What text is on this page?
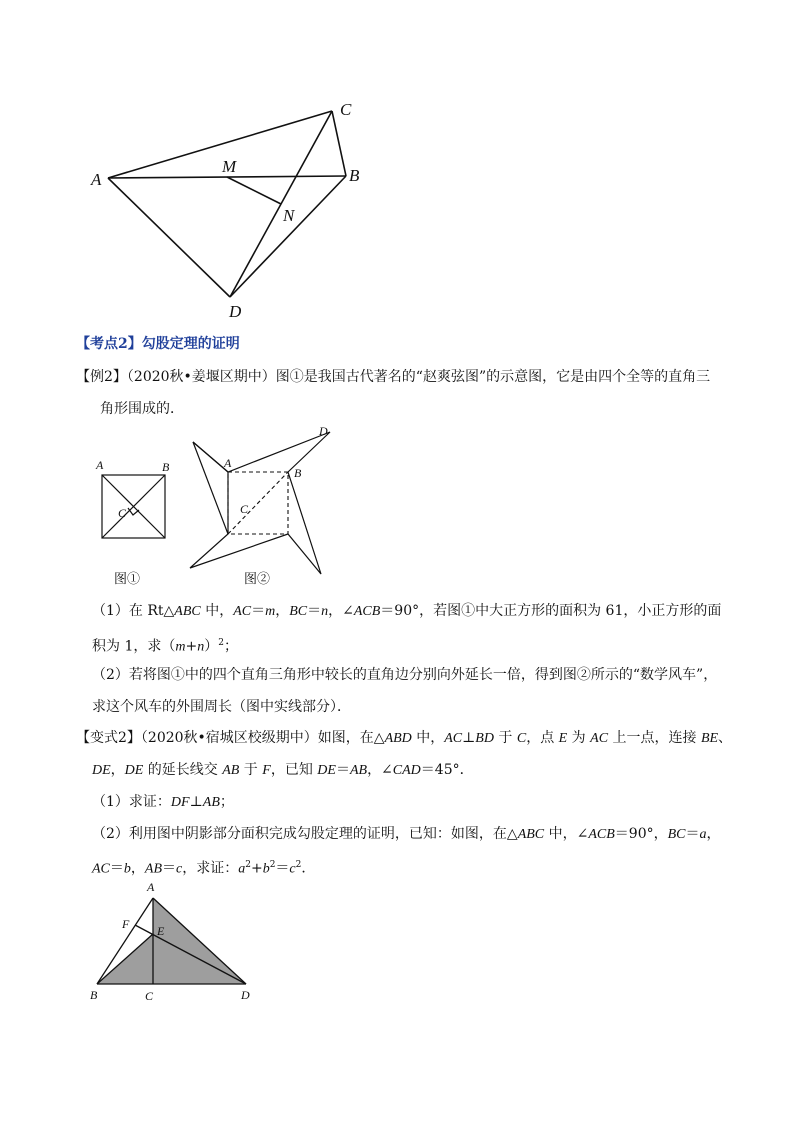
A
C
B
M
N
D
【考点2】勾股定理的证明
【例2】（2020秋•姜堰区期中）图①是我国古代著名的“赵爽弦图”的示意图，它是由四个全等的直角三
角形围成的．
A	B
C
图①
A
B
C
D
图②
（1）在 Rt△ABC 中，AC＝m，BC＝n，∠ACB＝90°，若图①中大正方形的面积为 61，小正方形的面
积为 1，求$(m+n)^2$；
（2）若将图①中的四个直角三角形中较长的直角边分别向外延长一倍，得到图②所示的“数学风车”，
求这个风车的外围周长（图中实线部分）．
【变式2】（2020秋•宿城区校级期中）如图，在△ABD 中，AC⊥BD 于 C，点 E 为 AC 上一点，连接 BE、
DE，DE 的延长线交 AB 于 F，已知 DE＝AB，∠CAD＝45°．
（1）求证：DF⊥AB；
（2）利用图中阴影部分面积完成勾股定理的证明，已知：如图，在△ABC 中，∠ACB＝90°，BC＝a，
AC＝b，AB＝c，求证：$a^2+b^2=c^2$．
A
F E
B	C	D
